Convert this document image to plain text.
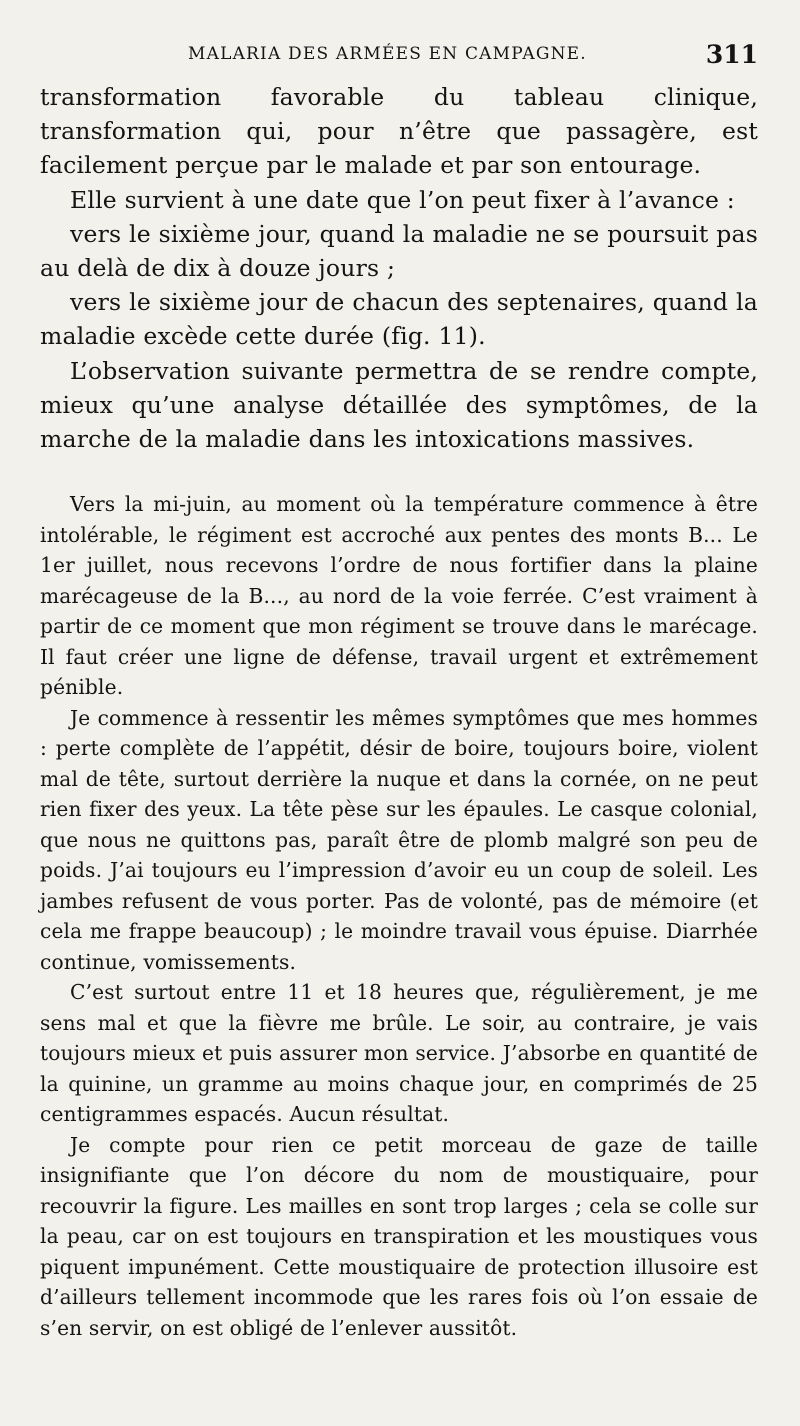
MALARIA DES ARMÉES EN CAMPAGNE.	311

transformation favorable du tableau clinique, transformation qui, pour n’être que passagère, est facilement perçue par le malade et par son entourage.

Elle survient à une date que l’on peut fixer à l’avance :

vers le sixième jour, quand la maladie ne se poursuit pas au delà de dix à douze jours ;

vers le sixième jour de chacun des septenaires, quand la maladie excède cette durée (fig. 11).

L’observation suivante permettra de se rendre compte, mieux qu’une analyse détaillée des symptômes, de la marche de la maladie dans les intoxications massives.

Vers la mi-juin, au moment où la température commence à être intolérable, le régiment est accroché aux pentes des monts B... Le 1er juillet, nous recevons l’ordre de nous fortifier dans la plaine marécageuse de la B..., au nord de la voie ferrée. C’est vraiment à partir de ce moment que mon régiment se trouve dans le marécage. Il faut créer une ligne de défense, travail urgent et extrêmement pénible.

Je commence à ressentir les mêmes symptômes que mes hommes : perte complète de l’appétit, désir de boire, toujours boire, violent mal de tête, surtout derrière la nuque et dans la cornée, on ne peut rien fixer des yeux. La tête pèse sur les épaules. Le casque colonial, que nous ne quittons pas, paraît être de plomb malgré son peu de poids. J’ai toujours eu l’impression d’avoir eu un coup de soleil. Les jambes refusent de vous porter. Pas de volonté, pas de mémoire (et cela me frappe beaucoup) ; le moindre travail vous épuise. Diarrhée continue, vomissements.

C’est surtout entre 11 et 18 heures que, régulièrement, je me sens mal et que la fièvre me brûle. Le soir, au contraire, je vais toujours mieux et puis assurer mon service. J’absorbe en quantité de la quinine, un gramme au moins chaque jour, en comprimés de 25 centigrammes espacés. Aucun résultat.

Je compte pour rien ce petit morceau de gaze de taille insignifiante que l’on décore du nom de moustiquaire, pour recouvrir la figure. Les mailles en sont trop larges ; cela se colle sur la peau, car on est toujours en transpiration et les moustiques vous piquent impunément. Cette moustiquaire de protection illusoire est d’ailleurs tellement incommode que les rares fois où l’on essaie de s’en servir, on est obligé de l’enlever aussitôt.
